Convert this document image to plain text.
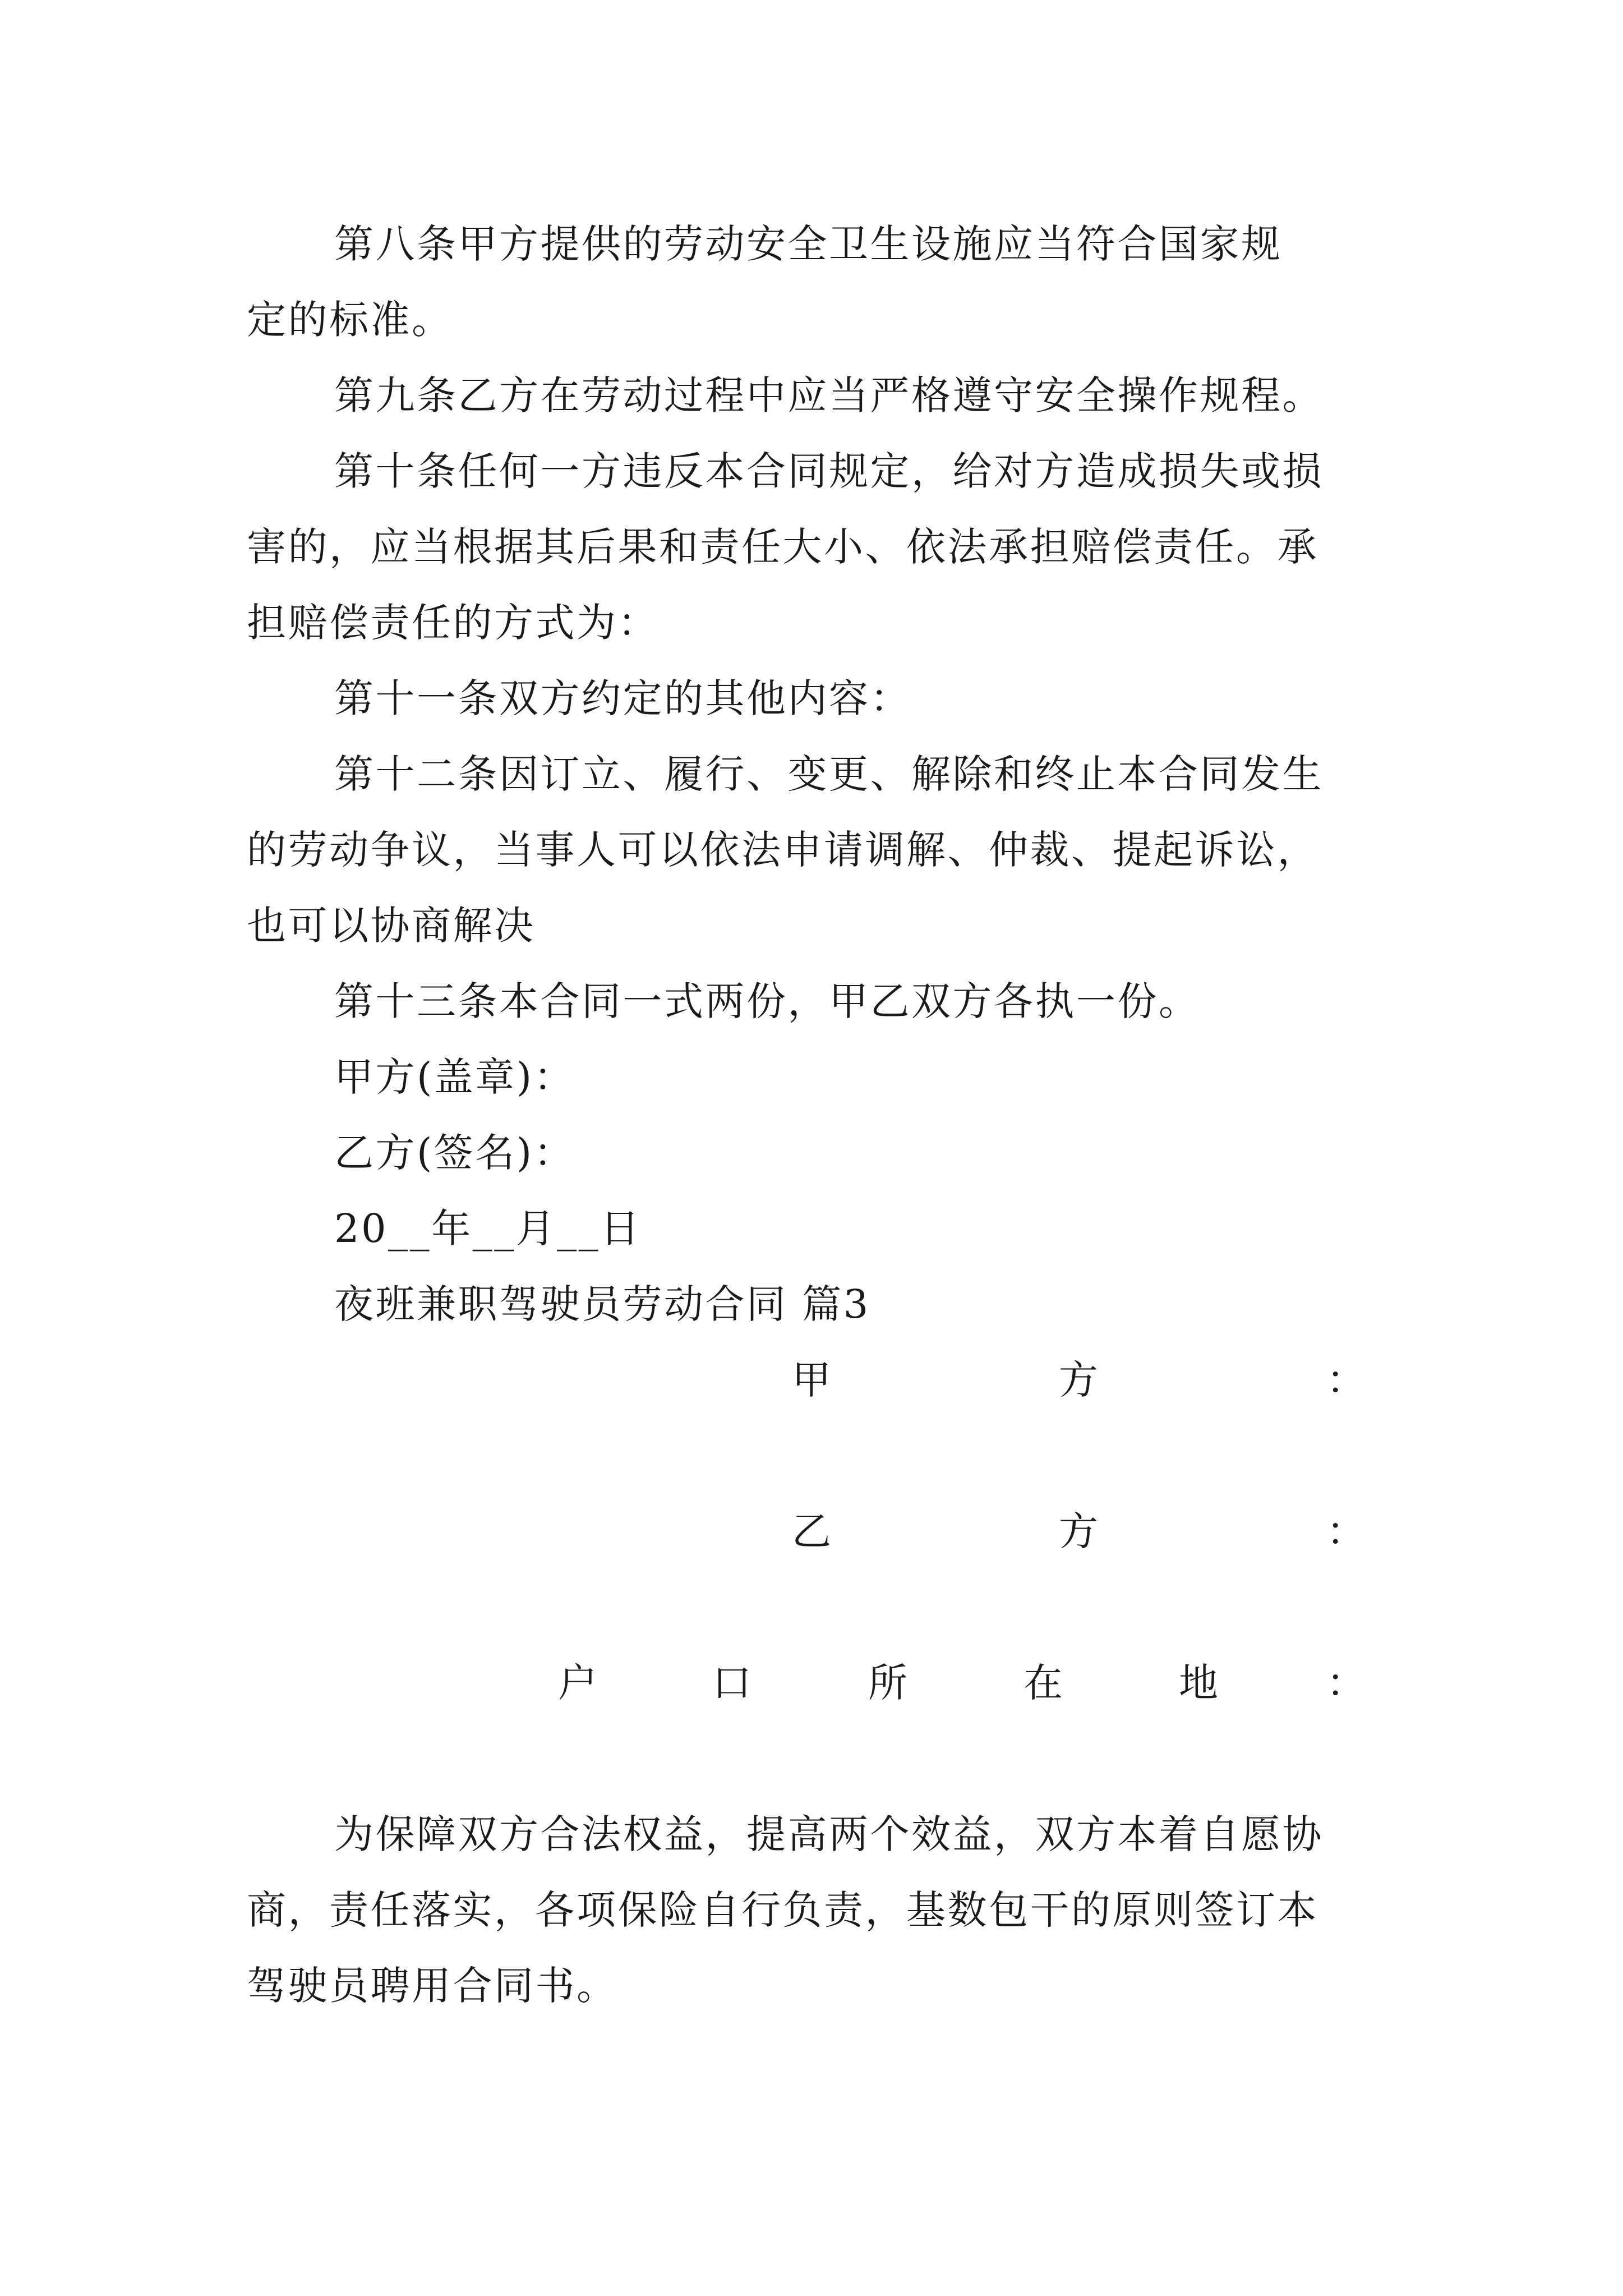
第八条甲方提供的劳动安全卫生设施应当符合国家规
定的标准。
第九条乙方在劳动过程中应当严格遵守安全操作规程。
第十条任何一方违反本合同规定，给对方造成损失或损
害的，应当根据其后果和责任大小、依法承担赔偿责任。承
担赔偿责任的方式为：
第十一条双方约定的其他内容：
第十二条因订立、履行、变更、解除和终止本合同发生
的劳动争议，当事人可以依法申请调解、仲裁、提起诉讼，
也可以协商解决
第十三条本合同一式两份，甲乙双方各执一份。
甲方(盖章)：
乙方(签名)：
20__年__月__日
夜班兼职驾驶员劳动合同 篇3
甲	方	：
乙	方	：
户	口	所	在	地	：
为保障双方合法权益，提高两个效益，双方本着自愿协
商，责任落实，各项保险自行负责，基数包干的原则签订本
驾驶员聘用合同书。
